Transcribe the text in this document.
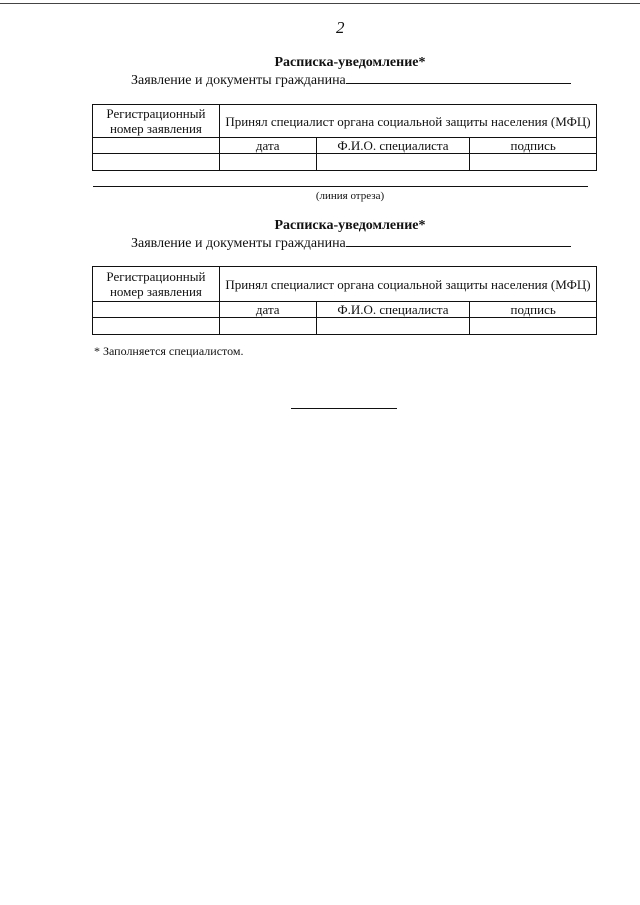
2
Расписка-уведомление*
Заявление и документы гражданина
Регистрационный номер заявления	Принял специалист органа социальной защиты населения (МФЦ)		
	дата	Ф.И.О. специалиста	подпись

(линия отреза)
Расписка-уведомление*
Заявление и документы гражданина
Регистрационный номер заявления	Принял специалист органа социальной защиты населения (МФЦ)		
	дата	Ф.И.О. специалиста	подпись

* Заполняется специалистом.
